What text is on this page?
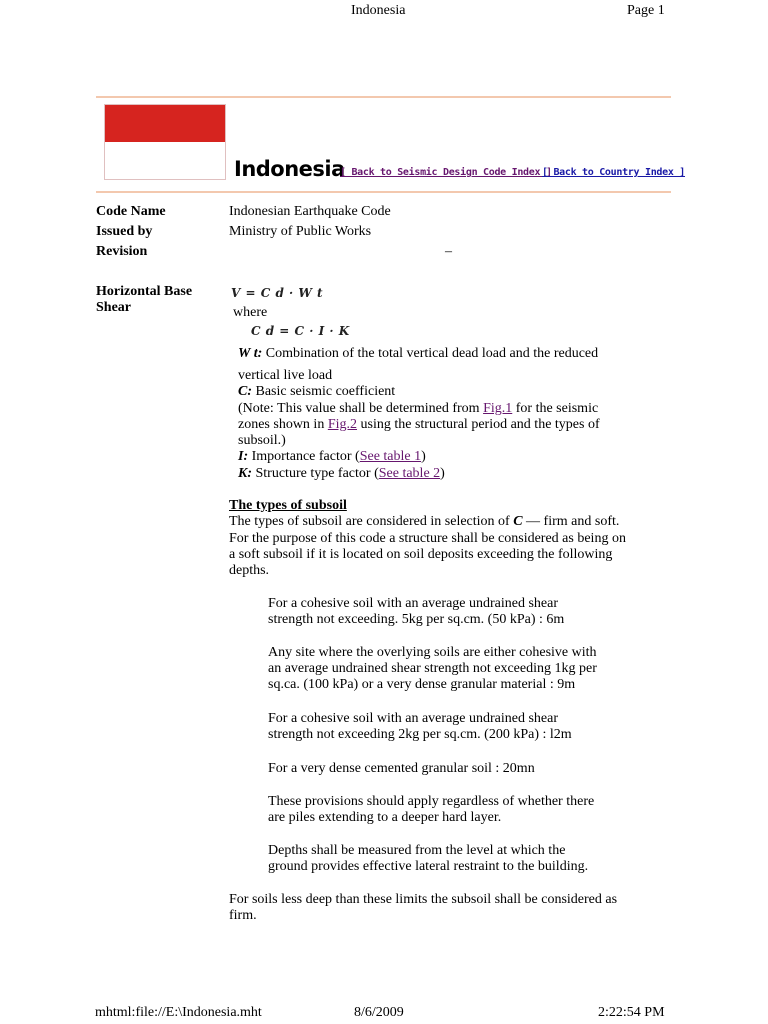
Indonesia	Page 1
Indonesia
[ Back to Seismic Design Code Index ]
[ Back to Country Index ]
Code Name	Indonesian Earthquake Code
Issued by	Ministry of Public Works
Revision	–
Horizontal Base
Shear
V = C d · W t
where
C d = C · I · K
W t: Combination of the total vertical dead load and the reduced
vertical live load
C: Basic seismic coefficient
(Note: This value shall be determined from Fig.1 for the seismic
zones shown in Fig.2 using the structural period and the types of
subsoil.)
I: Importance factor (See table 1)
K: Structure type factor (See table 2)
The types of subsoil
The types of subsoil are considered in selection of C — firm and soft.
For the purpose of this code a structure shall be considered as being on
a soft subsoil if it is located on soil deposits exceeding the following
depths.
For a cohesive soil with an average undrained shear
strength not exceeding. 5kg per sq.cm. (50 kPa) : 6m
Any site where the overlying soils are either cohesive with
an average undrained shear strength not exceeding 1kg per
sq.ca. (100 kPa) or a very dense granular material : 9m
For a cohesive soil with an average undrained shear
strength not exceeding 2kg per sq.cm. (200 kPa) : l2m
For a very dense cemented granular soil : 20mn
These provisions should apply regardless of whether there
are piles extending to a deeper hard layer.
Depths shall be measured from the level at which the
ground provides effective lateral restraint to the building.
For soils less deep than these limits the subsoil shall be considered as
firm.
mhtml:file://E:\Indonesia.mht	8/6/2009	2:22:54 PM
